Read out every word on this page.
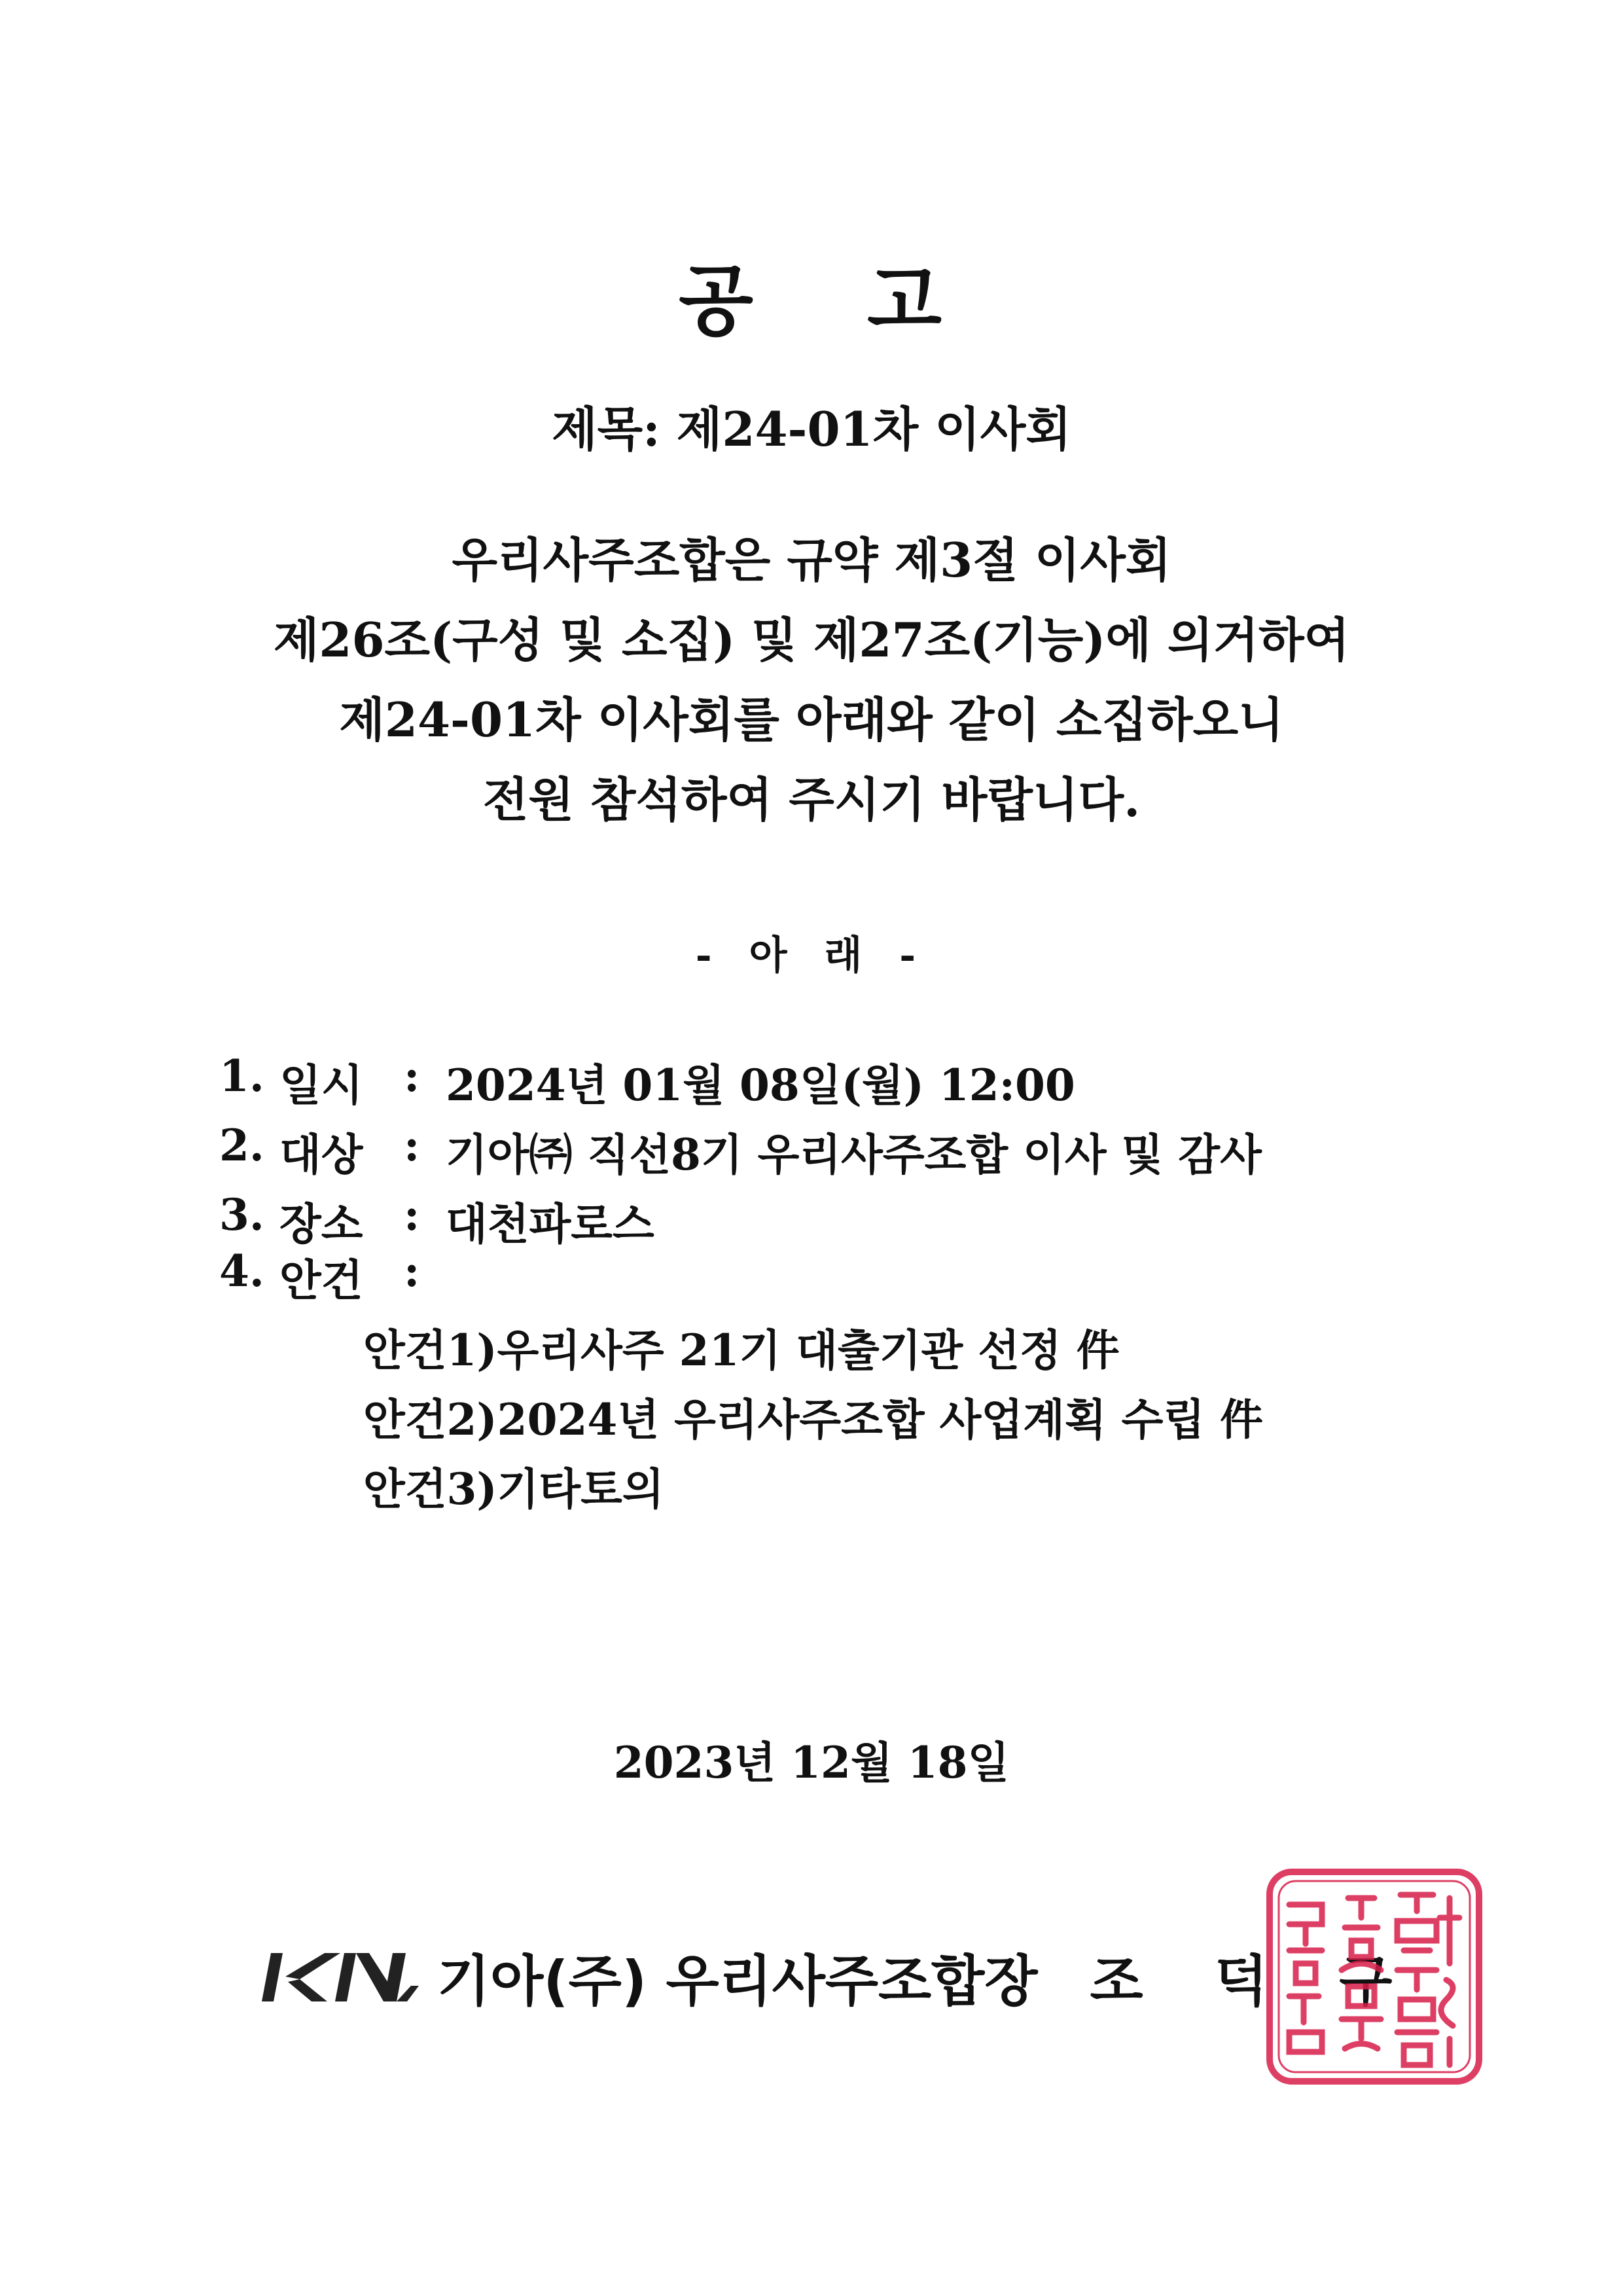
공 고
제목: 제24-01차 이사회
우리사주조합은 규약 제3절 이사회
제26조(구성 및 소집) 및 제27조(기능)에 의거하여
제24-01차 이사회를 아래와 같이 소집하오니
전원 참석하여 주시기 바랍니다.
- 아 래 -
1. 일시 : 2024년 01월 08일(월) 12:00
2. 대상 : 기아㈜ 직선8기 우리사주조합 이사 및 감사
3. 장소 : 대천파로스
4. 안건 :
안건1)우리사주 21기 대출기관 선정 件
안건2)2024년 우리사주조합 사업계획 수립 件
안건3)기타토의
2023년 12월 18일
기아(주) 우리사주조합장 조 덕 구
